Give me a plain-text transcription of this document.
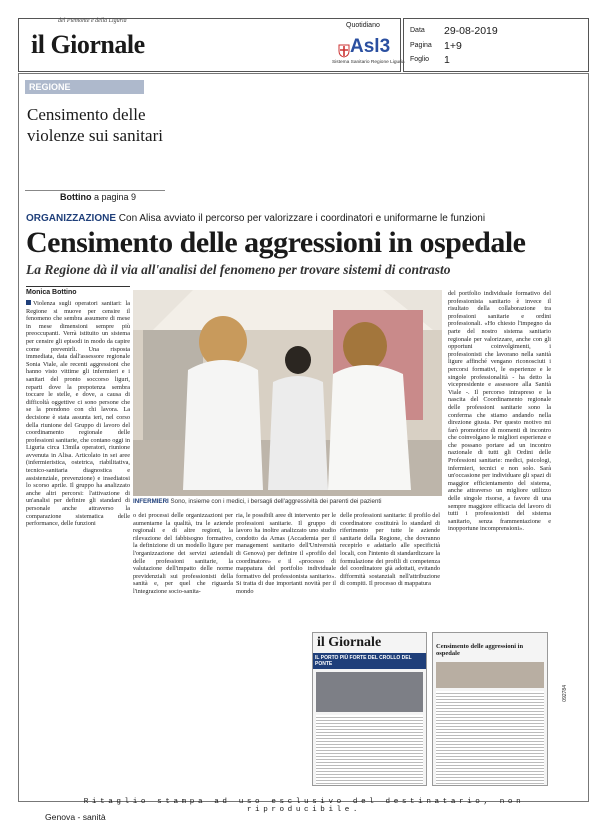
del Piemonte e della Liguria
il Giornale
Quotidiano
Asl3
Sistema Sanitario Regione Liguria
Data 29-08-2019
Pagina 1+9
Foglio 1
REGIONE
Censimento delle violenze sui sanitari
Bottino a pagina 9
ORGANIZZAZIONE Con Alisa avviato il percorso per valorizzare i coordinatori e uniformarne le funzioni
Censimento delle aggressioni in ospedale
La Regione dà il via all'analisi del fenomeno per trovare sistemi di contrasto
Monica Bottino

Violenza sugli operatori sanitari: la Regione si muove per censire il fenomeno che sembra assumere di mese in mese dimensioni sempre più preoccupanti. Verrà istituito un sistema per censire gli episodi in modo da capire come prevenirli. Una risposta immediata, data dall'assessore regionale Sonia Viale, ale recenti aggressioni che hanno visto vittime gli infermieri e i sanitari del pronto soccorso liguri, reparti dove la prepotenza sembra toccare le stelle, e dove, a causa di difficoltà oggettive ci sono persone che se la prendono con chi lavora. La decisione è stata assunta ieri, nel corso della riunione del Gruppo di lavoro del coordinamento regionale delle professioni sanitarie, che contano oggi in Liguria circa 13mila operatori, riunione avvenuta in Alisa. Articolato in sei aree (infermieristica, ostetrica, riabilitativa, tecnico-sanitaria diagnostica e assistenziale, prevenzione) e insediatosi lo scorso aprile. Il gruppo ha analizzato anche altri percorsi: l'attivazione di un'analisi per definire gli standard di personale anche attraverso la comparazione sistematica delle performance, delle funzioni

INFERMIERI Sono, insieme con i medici, i bersagli dell'aggressività dei parenti dei pazienti

o dei processi delle organizzazioni per aumentarne la qualità, tra le aziende regionali e di altre regioni, la rilevazione del fabbisogno formativo, la definizione di un modello ligure per l'organizzazione dei servizi aziendali delle professioni sanitarie, la valutazione dell'impatto delle norme previdenziali sui professionisti della sanità e, per quel che riguarda l'integrazione socio-sanita-

ria, le possibili aree di intervento per le professioni sanitarie. Il gruppo di lavoro ha inoltre analizzato uno studio condotto da Arnas (Accademia per il management sanitario dell'Università di Genova) per definire il «profilo del coordinatore» e il «processo di mappatura del portfolio individuale formativo del professionista sanitario». Si tratta di due importanti novità per il mondo

delle professioni sanitarie: il profilo del coordinatore costituirà lo standard di riferimento per tutte le aziende sanitarie della Regione, che dovranno recepirlo e adattarlo alle specificità locali, con l'intento di standardizzare la formulazione dei profili di competenza del coordinatore già adottati, evitando difformità sostanziali nell'attribuzione di compiti. Il processo di mappatura

del portfolio individuale formativo del professionista sanitario è invece il risultato della collaborazione tra professioni sanitarie e ordini professionali. «Ho chiesto l'impegno da parte del nostro sistema sanitario regionale per valorizzare, anche con gli opportuni coinvolgimenti, i professionisti che lavorano nella sanità ligure affinché vengano riconosciuti i percorsi formativi, le esperienze e le singole professionalità - ha detto la vicepresidente e assessore alla Sanità Viale -. Il percorso intrapreso e la nascita del Coordinamento regionale delle professioni sanitarie sono la conferma che stiamo andando nella direzione giusta. Per questo motivo mi farò promotrice di momenti di incontro che coinvolgano le migliori esperienze e che possano portare ad un incontro nazionale di tutti gli Ordini delle Professioni sanitarie: medici, psicologi, infermieri, tecnici e non solo. Sarà un'occasione per individuare gli spazi di maggior efficientamento del sistema, anche attraverso un migliore utilizzo delle singole risorse, a favore di una sempre maggiore efficacia del lavoro di tutti i professionisti del sistema sanitario, senza frammentazione e inopportune incomprensioni».

il Giornale
IL PORTO PIÙ FORTE DEL CROLLO DEL PONTE
Censimento delle aggressioni in ospedale
092784
Ritaglio stampa ad uso esclusivo del destinatario, non riproducibile.
Genova - sanità
